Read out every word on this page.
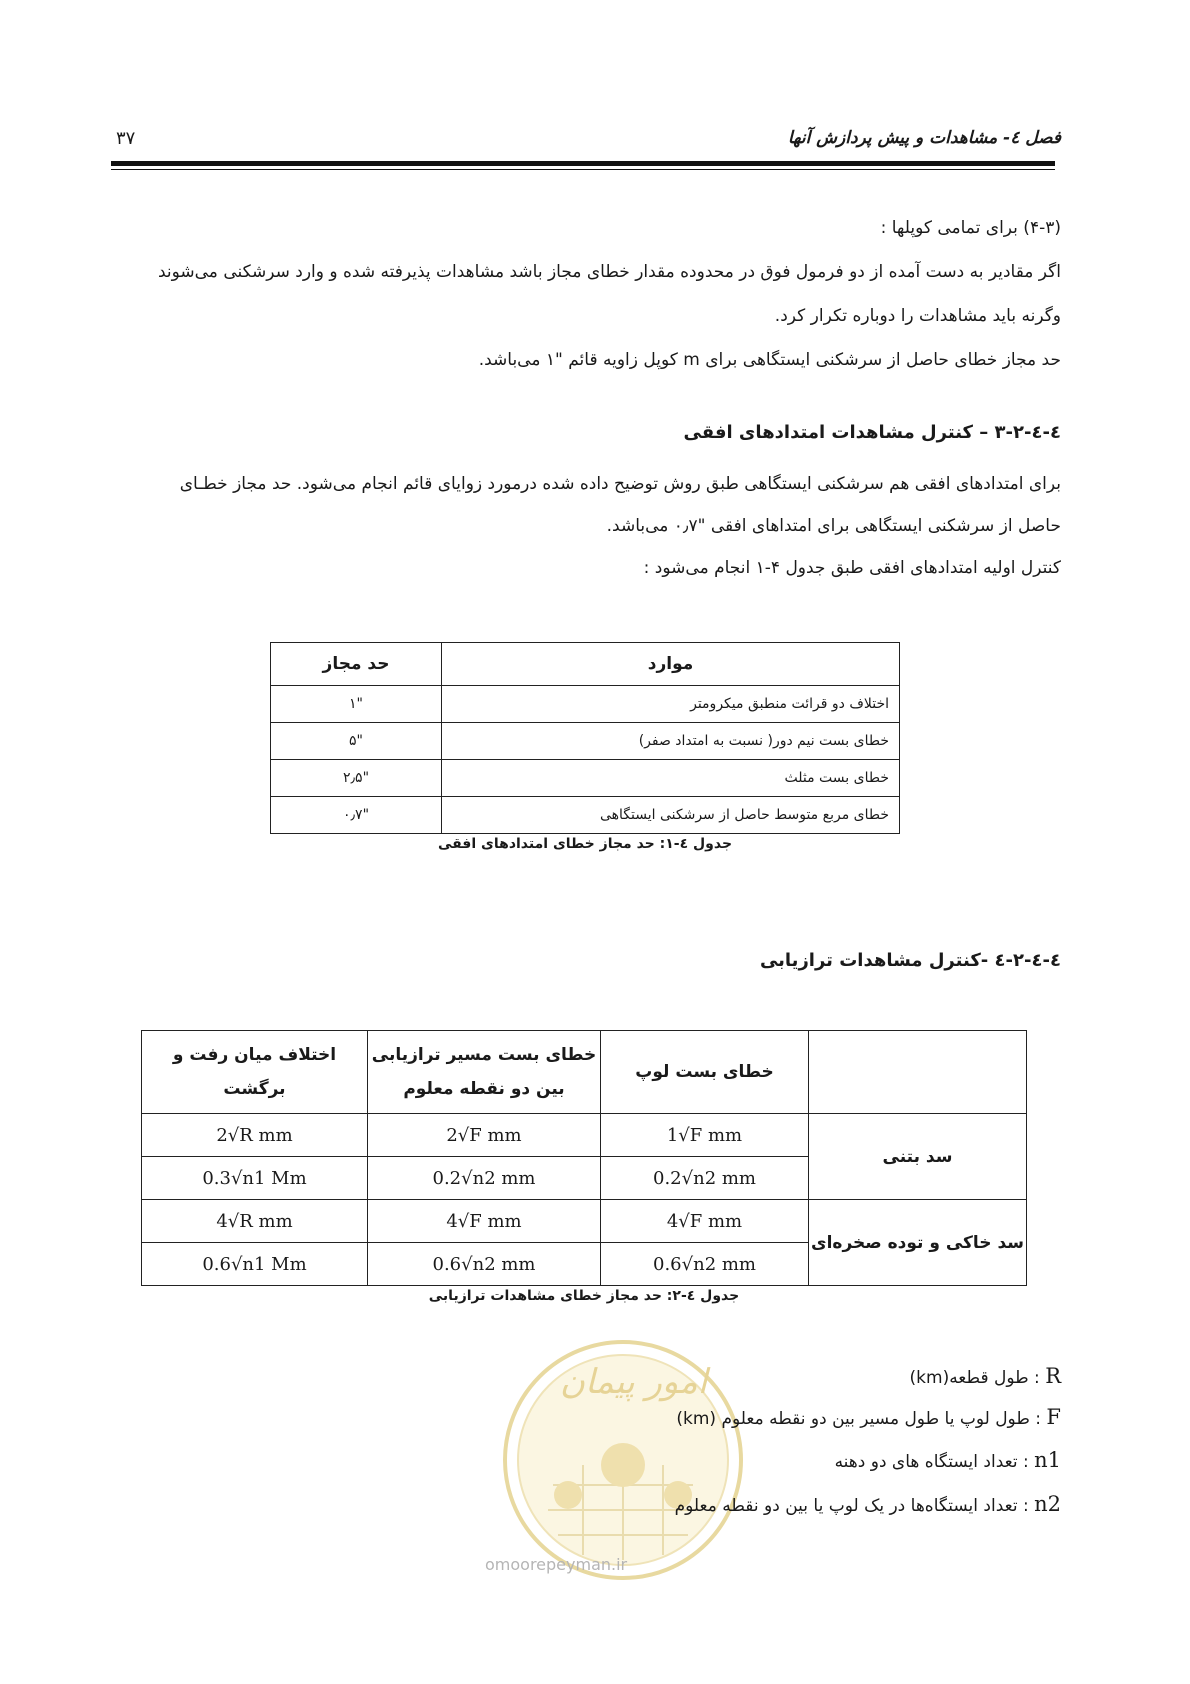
فصل ٤- مشاهدات و پیش پردازش آنها
۳۷
(۴-۳) برای تمامی کوپلها :
اگر مقادیر به دست آمده از دو فرمول فوق در محدوده مقدار خطای مجاز باشد مشاهدات پذیرفته شده و وارد سرشکنی می‌شوند
وگرنه باید مشاهدات را دوباره تکرار کرد.
حد مجاز خطای حاصل از سرشکنی ایستگاهی برای m کوپل زاویه قائم "۱ می‌باشد.
٤-٤-٢-٣ – کنترل مشاهدات امتدادهای افقی
برای امتدادهای افقی هم سرشکنی ایستگاهی طبق روش توضیح داده شده درمورد زوایای قائم انجام می‌شود. حد مجاز خطـای
حاصل از سرشکنی ایستگاهی برای امتداهای افقی "۰٫۷ می‌باشد.
کنترل اولیه امتدادهای افقی طبق جدول ۴-۱ انجام می‌شود :
موارد	حد مجاز
اختلاف دو قرائت منطبق میکرومتر	"۱
خطای بست نیم دور( نسبت به امتداد صفر)	"۵
خطای بست مثلث	"۲٫۵
خطای مربع متوسط حاصل از سرشکنی ایستگاهی	"۰٫۷
جدول ٤-١: حد مجاز خطای امتدادهای افقی
٤-٤-٢-٤ -کنترل مشاهدات ترازیابی
	خطای بست لوپ	خطای بست مسیر ترازیابی بین دو نقطه معلوم	اختلاف میان رفت و برگشت
سد بتنی	1√F mm	2√F mm	2√R mm
	0.2√n2 mm	0.2√n2 mm	0.3√n1 Mm
سد خاکی و توده صخره‌ای	4√F mm	4√F mm	4√R mm
	0.6√n2 mm	0.6√n2 mm	0.6√n1 Mm
جدول ٤-٢: حد مجاز خطای مشاهدات ترازیابی
امور پیمان
omoorepeyman.ir
R : طول قطعه(km)
F : طول لوپ یا طول مسیر بین دو نقطه معلوم (km)
n1 : تعداد ایستگاه های دو دهنه
n2 : تعداد ایستگاه‌ها در یک لوپ یا بین دو نقطه معلوم
